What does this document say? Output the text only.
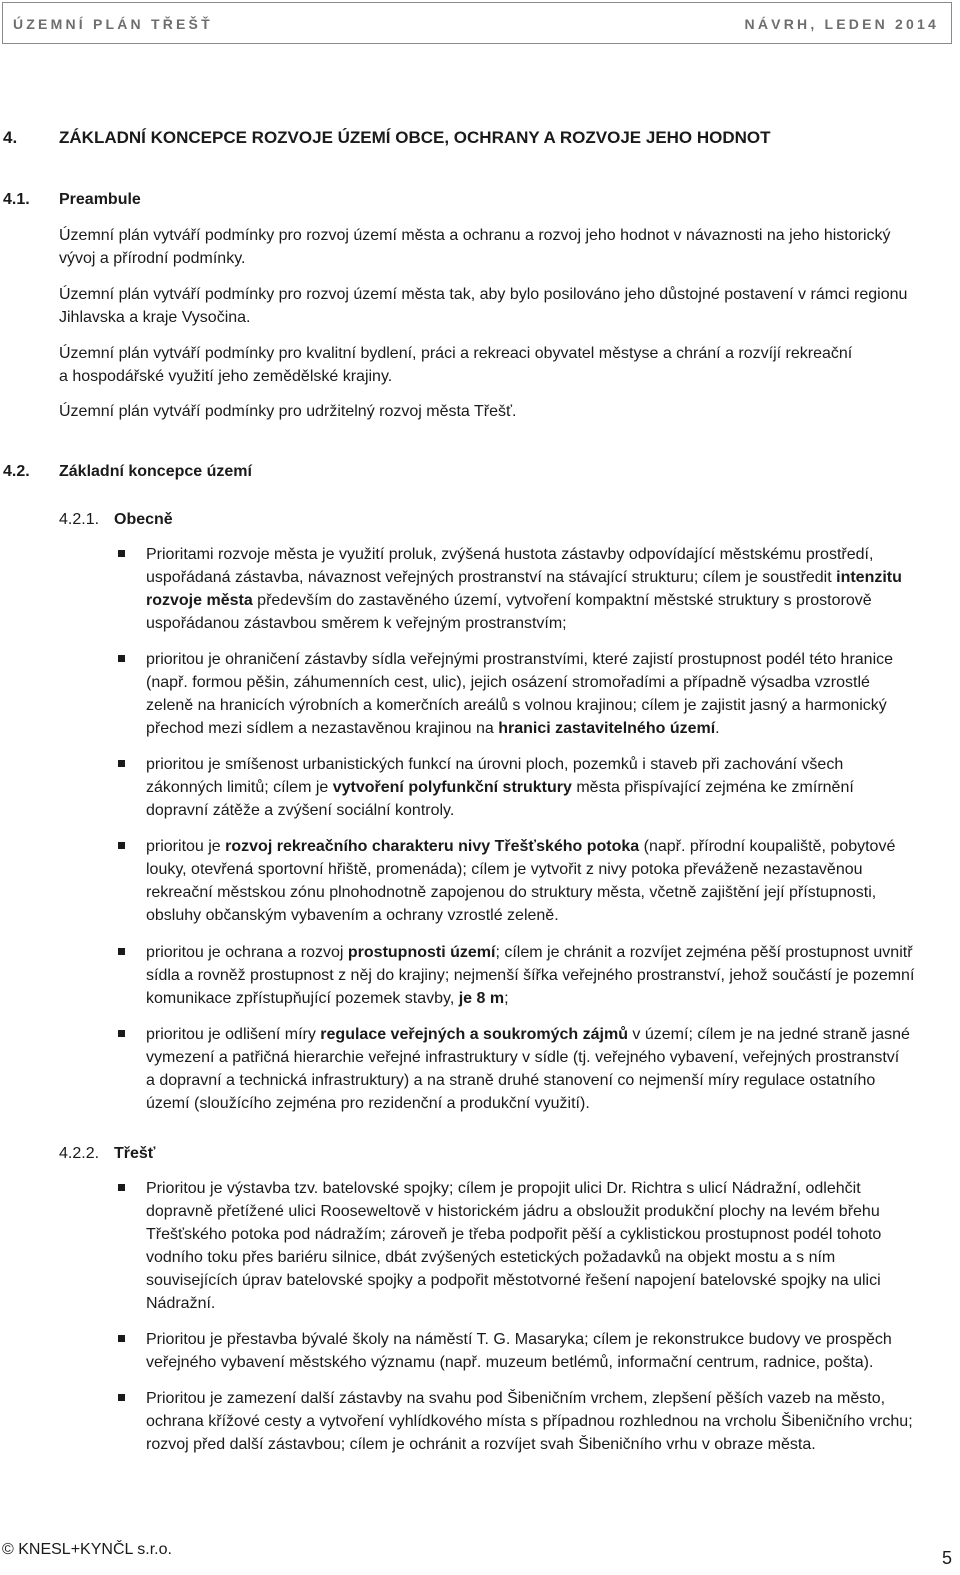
ÚZEMNÍ PLÁN TŘEŠŤ	NÁVRH, LEDEN 2014
4. ZÁKLADNÍ KONCEPCE ROZVOJE ÚZEMÍ OBCE, OCHRANY A ROZVOJE JEHO HODNOT
4.1. Preambule
Územní plán vytváří podmínky pro rozvoj území města a ochranu a rozvoj jeho hodnot v návaznosti na jeho historický
vývoj a přírodní podmínky.
Územní plán vytváří podmínky pro rozvoj území města tak, aby bylo posilováno jeho důstojné postavení v rámci regionu
Jihlavska a kraje Vysočina.
Územní plán vytváří podmínky pro kvalitní bydlení, práci a rekreaci obyvatel městyse a chrání a rozvíjí rekreační
a hospodářské využití jeho zemědělské krajiny.
Územní plán vytváří podmínky pro udržitelný rozvoj města Třešť.
4.2. Základní koncepce území
4.2.1. Obecně
Prioritami rozvoje města je využití proluk, zvýšená hustota zástavby odpovídající městskému prostředí,
uspořádaná zástavba, návaznost veřejných prostranství na stávající strukturu; cílem je soustředit intenzitu
rozvoje města především do zastavěného území, vytvoření kompaktní městské struktury s prostorově
uspořádanou zástavbou směrem k veřejným prostranstvím;
prioritou je ohraničení zástavby sídla veřejnými prostranstvími, které zajistí prostupnost podél této hranice
(např. formou pěšin, záhumenních cest, ulic), jejich osázení stromořadími a případně výsadba vzrostlé
zeleně na hranicích výrobních a komerčních areálů s volnou krajinou; cílem je zajistit jasný a harmonický
přechod mezi sídlem a nezastavěnou krajinou na hranici zastavitelného území.
prioritou je smíšenost urbanistických funkcí na úrovni ploch, pozemků i staveb při zachování všech
zákonných limitů; cílem je vytvoření polyfunkční struktury města přispívající zejména ke zmírnění
dopravní zátěže a zvýšení sociální kontroly.
prioritou je rozvoj rekreačního charakteru nivy Třešťského potoka (např. přírodní koupaliště, pobytové
louky, otevřená sportovní hřiště, promenáda); cílem je vytvořit z nivy potoka převáženě nezastavěnou
rekreační městskou zónu plnohodnotně zapojenou do struktury města, včetně zajištění její přístupnosti,
obsluhy občanským vybavením a ochrany vzrostlé zeleně.
prioritou je ochrana a rozvoj prostupnosti území; cílem je chránit a rozvíjet zejména pěší prostupnost uvnitř
sídla a rovněž prostupnost z něj do krajiny; nejmenší šířka veřejného prostranství, jehož součástí je pozemní
komunikace zpřístupňující pozemek stavby, je 8 m;
prioritou je odlišení míry regulace veřejných a soukromých zájmů v území; cílem je na jedné straně jasné
vymezení a patřičná hierarchie veřejné infrastruktury v sídle (tj. veřejného vybavení, veřejných prostranství
a dopravní a technická infrastruktury) a na straně druhé stanovení co nejmenší míry regulace ostatního
území (sloužícího zejména pro rezidenční a produkční využití).
4.2.2. Třešť
Prioritou je výstavba tzv. batelovské spojky; cílem je propojit ulici Dr. Richtra s ulicí Nádražní, odlehčit
dopravně přetížené ulici Rooseweltově v historickém jádru a obsloužit produkční plochy na levém břehu
Třešťského potoka pod nádražím; zároveň je třeba podpořit pěší a cyklistickou prostupnost podél tohoto
vodního toku přes bariéru silnice, dbát zvýšených estetických požadavků na objekt mostu a s ním
souvisejících úprav batelovské spojky a podpořit městotvorné řešení napojení batelovské spojky na ulici
Nádražní.
Prioritou je přestavba bývalé školy na náměstí T. G. Masaryka; cílem je rekonstrukce budovy ve prospěch
veřejného vybavení městského významu (např. muzeum betlémů, informační centrum, radnice, pošta).
Prioritou je zamezení další zástavby na svahu pod Šibeničním vrchem, zlepšení pěších vazeb na město,
ochrana křížové cesty a vytvoření vyhlídkového místa s případnou rozhlednou na vrcholu Šibeničního vrchu;
rozvoj před další zástavbou; cílem je ochránit a rozvíjet svah Šibeničního vrhu v obraze města.
© KNESL+KYNČL s.r.o.	5
